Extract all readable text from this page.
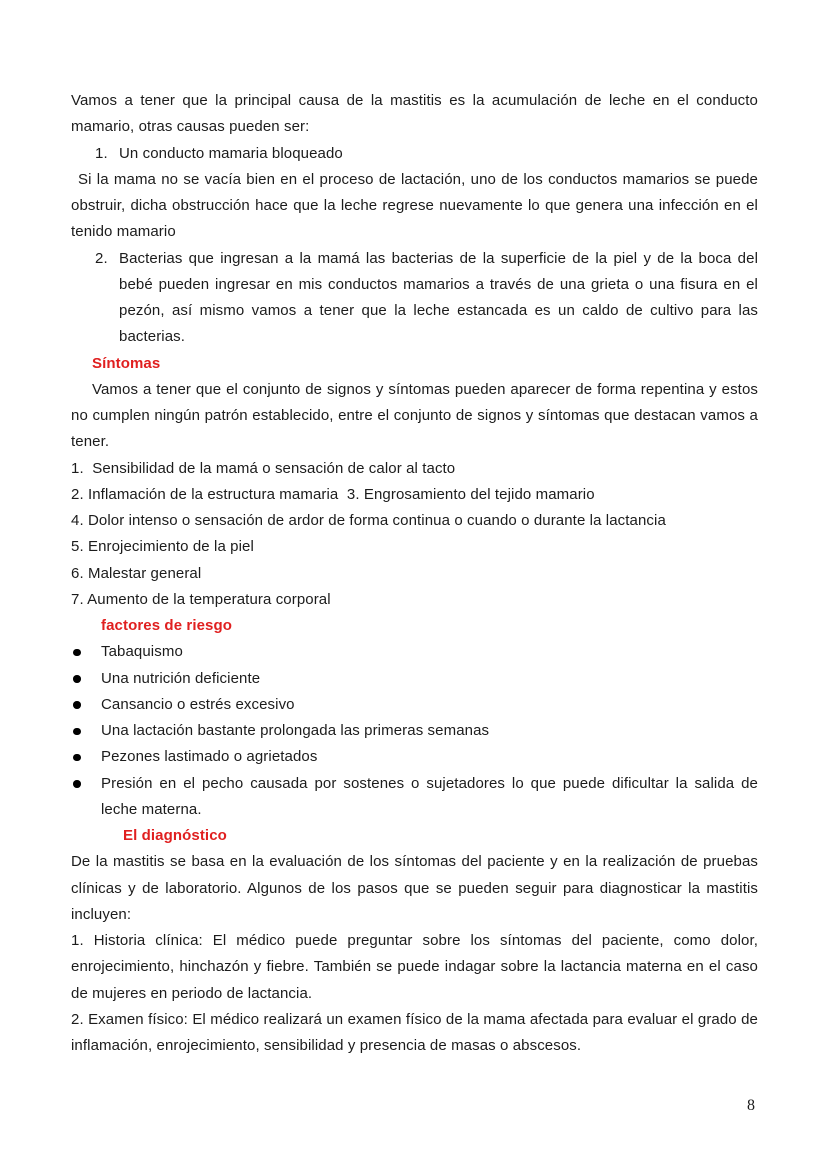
Vamos a tener que la principal causa de la mastitis es la acumulación de leche en el conducto mamario, otras causas pueden ser:

1. Un conducto mamaria bloqueado

Si la mama no se vacía bien en el proceso de lactación, uno de los conductos mamarios se puede obstruir, dicha obstrucción hace que la leche regrese nuevamente lo que genera una infección en el tenido mamario

2. Bacterias que ingresan a la mamá las bacterias de la superficie de la piel y de la boca del bebé pueden ingresar en mis conductos mamarios a través de una grieta o una fisura en el pezón, así mismo vamos a tener que la leche estancada es un caldo de cultivo para las bacterias.

Síntomas

Vamos a tener que el conjunto de signos y síntomas pueden aparecer de forma repentina y estos no cumplen ningún patrón establecido, entre el conjunto de signos y síntomas que destacan vamos a tener.

1.  Sensibilidad de la mamá o sensación de calor al tacto

2. Inflamación de la estructura mamaria  3. Engrosamiento del tejido mamario

4. Dolor intenso o sensación de ardor de forma continua o cuando o durante la lactancia

5. Enrojecimiento de la piel

6. Malestar general

7. Aumento de la temperatura corporal

factores de riesgo

Tabaquismo

Una nutrición deficiente

Cansancio o estrés excesivo

Una lactación bastante prolongada las primeras semanas

Pezones lastimado o agrietados

Presión en el pecho causada por sostenes o sujetadores lo que puede dificultar la salida de leche materna.

El diagnóstico

De la mastitis se basa en la evaluación de los síntomas del paciente y en la realización de pruebas clínicas y de laboratorio. Algunos de los pasos que se pueden seguir para diagnosticar la mastitis incluyen:

1. Historia clínica: El médico puede preguntar sobre los síntomas del paciente, como dolor, enrojecimiento, hinchazón y fiebre. También se puede indagar sobre la lactancia materna en el caso de mujeres en periodo de lactancia.

2. Examen físico: El médico realizará un examen físico de la mama afectada para evaluar el grado de inflamación, enrojecimiento, sensibilidad y presencia de masas o abscesos.

8
